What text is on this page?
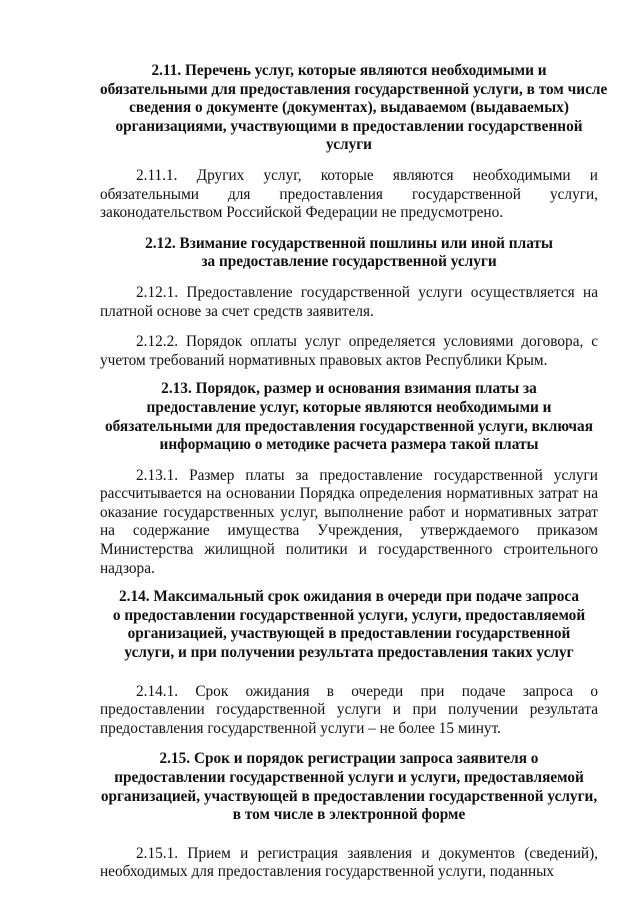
2.11. Перечень услуг, которые являются необходимыми и
обязательными для предоставления государственной услуги, в том числе
сведения о документе (документах), выдаваемом (выдаваемых)
организациями, участвующими в предоставлении государственной
услуги

2.11.1. Других услуг, которые являются необходимыми и обязательными для предоставления государственной услуги, законодательством Российской Федерации не предусмотрено.

2.12. Взимание государственной пошлины или иной платы
за предоставление государственной услуги

2.12.1. Предоставление государственной услуги осуществляется на платной основе за счет средств заявителя.

2.12.2. Порядок оплаты услуг определяется условиями договора, с учетом требований нормативных правовых актов Республики Крым.

2.13. Порядок, размер и основания взимания платы за
предоставление услуг, которые являются необходимыми и
обязательными для предоставления государственной услуги, включая
информацию о методике расчета размера такой платы

2.13.1. Размер платы за предоставление государственной услуги рассчитывается на основании Порядка определения нормативных затрат на оказание государственных услуг, выполнение работ и нормативных затрат на содержание имущества Учреждения, утверждаемого приказом Министерства жилищной политики и государственного строительного надзора.

2.14. Максимальный срок ожидания в очереди при подаче запроса
о предоставлении государственной услуги, услуги, предоставляемой
организацией, участвующей в предоставлении государственной
услуги, и при получении результата предоставления таких услуг

2.14.1. Срок ожидания в очереди при подаче запроса о предоставлении государственной услуги и при получении результата предоставления государственной услуги – не более 15 минут.

2.15. Срок и порядок регистрации запроса заявителя о
предоставлении государственной услуги и услуги, предоставляемой
организацией, участвующей в предоставлении государственной услуги,
в том числе в электронной форме

2.15.1. Прием и регистрация заявления и документов (сведений), необходимых для предоставления государственной услуги, поданных
